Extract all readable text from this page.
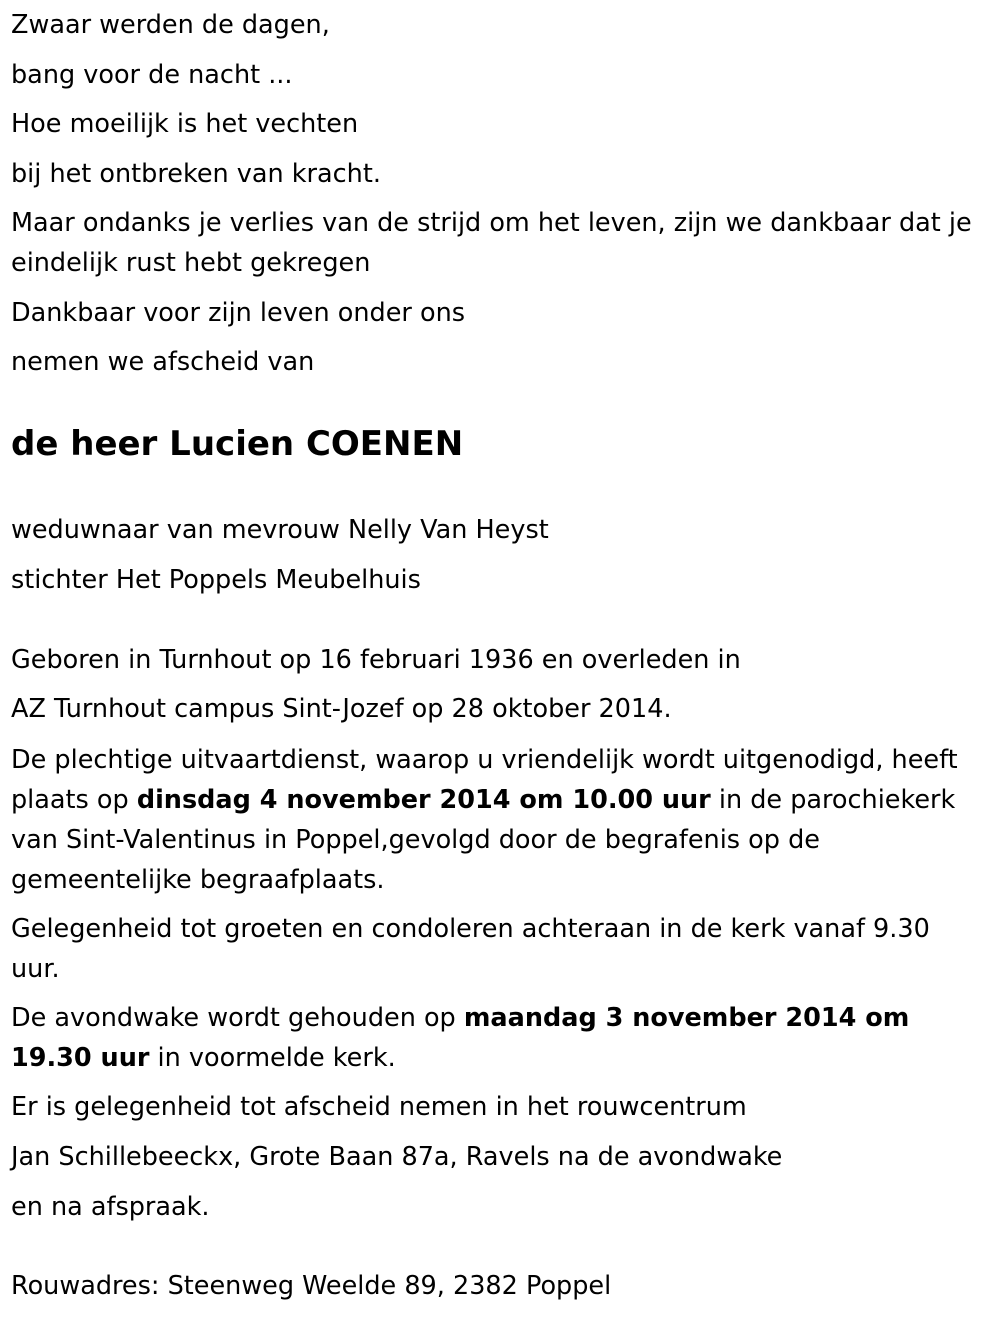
Zwaar werden de dagen,

bang voor de nacht ...

Hoe moeilijk is het vechten

bij het ontbreken van kracht.

Maar ondanks je verlies van de strijd om het leven, zijn we dankbaar dat je eindelijk rust hebt gekregen

Dankbaar voor zijn leven onder ons

nemen we afscheid van

de heer Lucien COENEN

weduwnaar van mevrouw Nelly Van Heyst

stichter Het Poppels Meubelhuis

Geboren in Turnhout op 16 februari 1936 en overleden in

AZ Turnhout campus Sint-Jozef op 28 oktober 2014.

De plechtige uitvaartdienst, waarop u vriendelijk wordt uitgenodigd, heeft plaats op dinsdag 4 november 2014 om 10.00 uur in de parochiekerk van Sint-Valentinus in Poppel,gevolgd door de begrafenis op de gemeentelijke begraafplaats.

Gelegenheid tot groeten en condoleren achteraan in de kerk vanaf 9.30 uur.

De avondwake wordt gehouden op maandag 3 november 2014 om 19.30 uur in voormelde kerk.

Er is gelegenheid tot afscheid nemen in het rouwcentrum

Jan Schillebeeckx, Grote Baan 87a, Ravels na de avondwake

en na afspraak.

Rouwadres: Steenweg Weelde 89, 2382 Poppel
